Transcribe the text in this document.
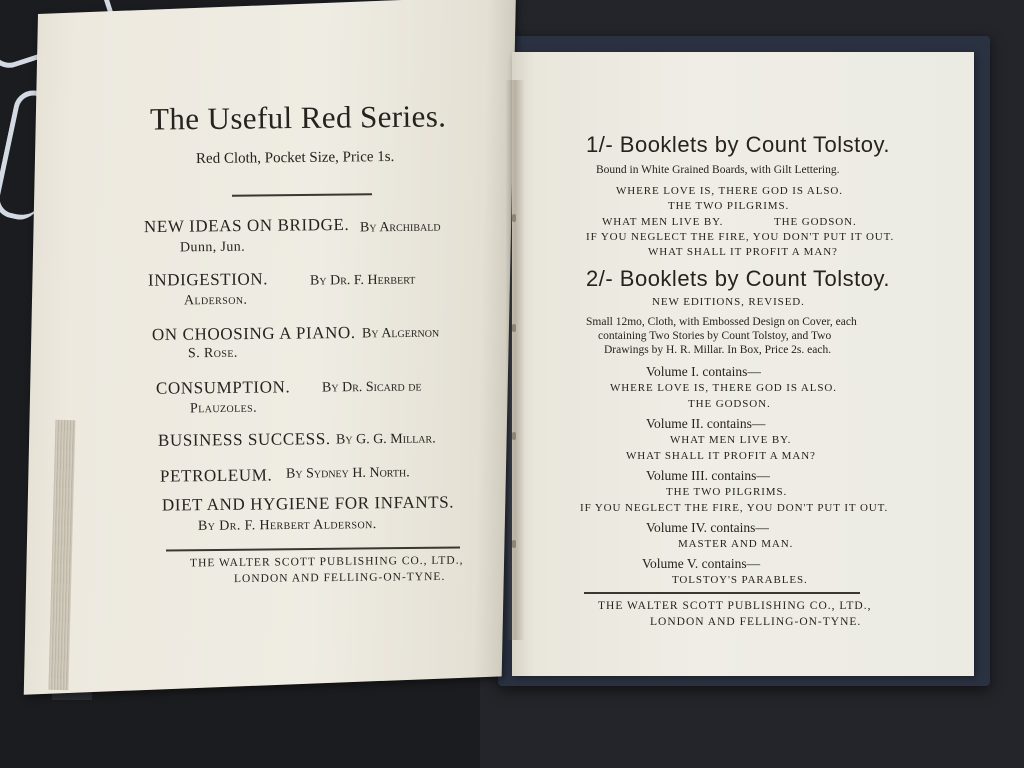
The Useful Red Series.
Red Cloth, Pocket Size, Price 1s.
NEW IDEAS ON BRIDGE. By Archibald
Dunn, Jun.
INDIGESTION.	By Dr. F. Herbert
Alderson.
ON CHOOSING A PIANO. By Algernon
S. Rose.
CONSUMPTION. By Dr. Sicard de
Plauzoles.
BUSINESS SUCCESS. By G. G. Millar.
PETROLEUM. By Sydney H. North.
DIET AND HYGIENE FOR INFANTS.
By Dr. F. Herbert Alderson.
THE WALTER SCOTT PUBLISHING CO., LTD.,
LONDON AND FELLING-ON-TYNE.
1/- Booklets by Count Tolstoy.
Bound in White Grained Boards, with Gilt Lettering.
WHERE LOVE IS, THERE GOD IS ALSO.
THE TWO PILGRIMS.
WHAT MEN LIVE BY.	THE GODSON.
IF YOU NEGLECT THE FIRE, YOU DON'T PUT IT OUT.
WHAT SHALL IT PROFIT A MAN?
2/- Booklets by Count Tolstoy.
NEW EDITIONS, REVISED.
Small 12mo, Cloth, with Embossed Design on Cover, each
containing Two Stories by Count Tolstoy, and Two
Drawings by H. R. Millar. In Box, Price 2s. each.
Volume I. contains—
WHERE LOVE IS, THERE GOD IS ALSO.
THE GODSON.
Volume II. contains—
WHAT MEN LIVE BY.
WHAT SHALL IT PROFIT A MAN?
Volume III. contains—
THE TWO PILGRIMS.
IF YOU NEGLECT THE FIRE, YOU DON'T PUT IT OUT.
Volume IV. contains—
MASTER AND MAN.
Volume V. contains—
TOLSTOY'S PARABLES.
THE WALTER SCOTT PUBLISHING CO., LTD.,
LONDON AND FELLING-ON-TYNE.
